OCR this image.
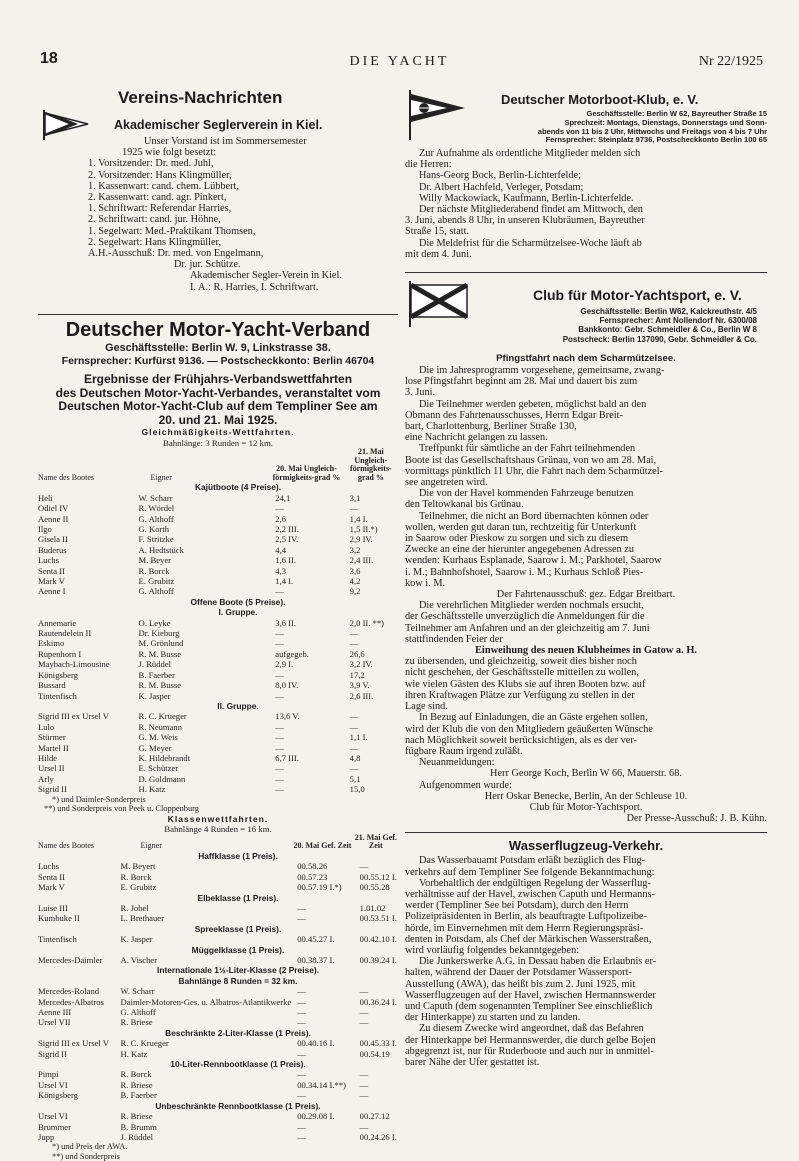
18	DIE YACHT	Nr 22/1925
Vereins-Nachrichten
Akademischer Seglerverein in Kiel.

Unser Vorstand ist im Sommersemester

1925 wie folgt besetzt:

1. Vorsitzender: Dr. med. Juhl,

2. Vorsitzender: Hans Klingmüller,

1. Kassenwart: cand. chem. Lübbert,

2. Kassenwart: cand. agr. Pinkert,

1. Schriftwart: Referendar Harries,

2. Schriftwart: cand. jur. Höhne,

1. Segelwart: Med.-Praktikant Thomsen,

2. Segelwart: Hans Klingmüller,

A.H.-Ausschuß: Dr. med. von Engelmann,

Dr. jur. Schütze.

Akademischer Segler-Verein in Kiel.

I. A.: R. Harries, I. Schriftwart.

Deutscher Motor-Yacht-Verband

Geschäftsstelle: Berlin W. 9, Linkstrasse 38.

Fernsprecher: Kurfürst 9136. — Postscheckkonto: Berlin 46704

Ergebnisse der Frühjahrs-Verbandswettfahrten

des Deutschen Motor-Yacht-Verbandes, veranstaltet vom

Deutschen Motor-Yacht-Club auf dem Templiner See am

20. und 21. Mai 1925.

Gleichmäßigkeits-Wettfahrten.

Bahnlänge: 3 Runden = 12 km.

Name des Bootes	Eigner	20. Mai Ungleich-förmigkeits-grad %	21. Mai Ungleich-förmigkeits-grad %
Kajütboote (4 Preise).			
Heli	W. Scharr	24,1	3,1
Odiel IV	R. Wördel	—	—
Aenne II	G. Althoff	2,6	1,4 I.
Ilgo	G. Korth	2,2 III.	1,5 II.*)
Gisela II	F. Stritzke	2,5 IV.	2,9 IV.
Buderus	A. Hedtstück	4,4	3,2
Luchs	M. Beyer	1,6 II.	2,4 III.
Senta II	R. Borck	4,3	3,6
Mark V	E. Grubitz	1,4 I.	4,2
Aenne I	G. Althoff	—	9,2
Offene Boote (5 Preise).			
I. Gruppe.			
Annemarie	O. Leyke	3,6 II.	2,0 II. **)
Rautendelein II	Dr. Kieburg	—	—
Eskimo	M. Grönlund	—	—
Rupenhorn I	R. M. Busse	aufgegeb.	26,6
Maybach-Limousine	J. Rüddel	2,9 I.	3,2 IV.
Königsberg	B. Faerber	—	17,2
Bussard	R. M. Busse	8,0 IV.	3,9 V.
Tintenfisch	K. Jasper	—	2,6 III.
II. Gruppe.			
Sigrid III ex Ursel V	R. C. Krueger	13,6 V.	—
Lulo	R. Neumann	—	—
Stürmer	G. M. Weis	—	1,1 I.
Martel II	G. Meyer	—	—
Hilde	K. Hildebrandt	6,7 III.	4,8
Ursel II	E. Schützer	—	—
Arly	D. Goldmann	—	5,1
Sigrid II	H. Katz	—	15,0

*) und Daimler-Sonderpreis

**) und Sonderpreis von Peek u. Cloppenburg

Klassenwettfahrten.

Bahnlänge 4 Runden = 16 km.

Name des Bootes	Eigner	20. Mai Gef. Zeit	21. Mai Gef. Zeit
Haffklasse (1 Preis).			
Luchs	M. Beyert	00.58.26	—
Senta II	R. Borck	00.57.23	00.55.12 I.
Mark V	E. Grubitz	00.57.19 I.*)	00.55.28
Elbeklasse (1 Preis).			
Luise III	R. Jobel	—	1.01.02
Kumbuke II	L. Brethauer	—	00.53.51 I.
Spreeklasse (1 Preis).			
Tintenfisch	K. Jasper	00.45.27 I.	00.42.10 I.
Müggelklasse (1 Preis).			
Mercedes-Daimler	A. Vischer	00.38.37 I.	00.39.24 I.
Internationale 1½-Liter-Klasse (2 Preise).			
Bahnlänge 8 Runden = 32 km.			
Mercedes-Roland	W. Scharr	—	—
Mercedes-Albatros	Daimler-Motoren-Ges. u. Albatros-Atlantikwerke	—	00.36.24 I.
Aenne III	G. Althoff	—	—
Ursel VII	R. Briese	—	—
Beschränkte 2-Liter-Klasse (1 Preis).			
Sigrid III ex Ursel V	R. C. Krueger	00.40.16 I.	00.45.33 I.
Sigrid II	H. Katz	—	00.54.19
10-Liter-Rennbootklasse (1 Preis).			
Pimpi	R. Borck	—	—
Ursel VI	R. Briese	00.34.14 I.**)	—
Königsberg	B. Faerber	—	—
Unbeschränkte Rennbootklasse (1 Preis).			
Ursel VI	R. Briese	00.29.08 I.	00.27.12
Brummer	B. Brumm	—	—
Jupp	J. Rüddel	—	00.24.26 I.

*) und Preis der AWA.

**) und Sonderpreis

Deutscher Motorboot-Klub, e. V.

Geschäftsstelle: Berlin W 62, Bayreuther Straße 15

Sprechzeit: Montags, Dienstags, Donnerstags und Sonn-

abends von 11 bis 2 Uhr, Mittwochs und Freitags von 4 bis 7 Uhr

Fernsprecher: Steinplatz 9736, Postscheckkonto Berlin 100 65

Zur Aufnahme als ordentliche Mitglieder melden sich

die Herren:

Hans-Georg Bock, Berlin-Lichterfelde;

Dr. Albert Hachfeld, Verleger, Potsdam;

Willy Mackowiack, Kaufmann, Berlin-Lichterfelde.

Der nächste Mitgliederabend findet am Mittwoch, den

3. Juni, abends 8 Uhr, in unseren Klubräumen, Bayreuther

Straße 15, statt.

Die Meldefrist für die Scharmützelsee-Woche läuft ab

mit dem 4. Juni.

Club für Motor-Yachtsport, e. V.

Geschäftsstelle: Berlin W62, Kalckreuthstr. 4/5

Fernsprecher: Amt Nollendorf Nr. 6300/08

Bankkonto: Gebr. Schmeidler & Co., Berlin W 8

Postscheck: Berlin 137090, Gebr. Schmeidler & Co.

Pfingstfahrt nach dem Scharmützelsee.

Die im Jahresprogramm vorgesehene, gemeinsame, zwang-

lose Pfingstfahrt beginnt am 28. Mai und dauert bis zum

3. Juni.

Die Teilnehmer werden gebeten, möglichst bald an den

Obmann des Fahrtenausschusses, Herrn Edgar Breit-

bart, Charlottenburg, Berliner Straße 130,

eine Nachricht gelangen zu lassen.

Treffpunkt für sämtliche an der Fahrt teilnehmenden

Boote ist das Gesellschaftshaus Grünau, von wo am 28. Mai,

vormittags pünktlich 11 Uhr, die Fahrt nach dem Scharmützel-

see angetreten wird.

Die von der Havel kommenden Fahrzeuge benutzen

den Teltowkanal bis Grünau.

Teilnehmer, die nicht an Bord übernachten können oder

wollen, werden gut daran tun, rechtzeitig für Unterkunft

in Saarow oder Pieskow zu sorgen und sich zu diesem

Zwecke an eine der hierunter angegebenen Adressen zu

wenden: Kurhaus Esplanade, Saarow i. M.; Parkhotel, Saarow

i. M.; Bahnhofshotel, Saarow i. M.; Kurhaus Schloß Pies-

kow i. M.

Der Fahrtenausschuß: gez. Edgar Breitbart.

Die verehrlichen Mitglieder werden nochmals ersucht,

der Geschäftsstelle unverzüglich die Anmeldungen für die

Teilnehmer am Anfahren und an der gleichzeitig am 7. Juni

stattfindenden Feier der

Einweihung des neuen Klubheimes in Gatow a. H.

zu übersenden, und gleichzeitig, soweit dies bisher noch

nicht geschehen, der Geschäftsstelle mitteilen zu wollen,

wie vielen Gästen des Klubs sie auf ihren Booten bzw. auf

ihren Kraftwagen Plätze zur Verfügung zu stellen in der

Lage sind.

In Bezug auf Einladungen, die an Gäste ergehen sollen,

wird der Klub die von den Mitgliedern geäußerten Wünsche

nach Möglichkeit soweit berücksichtigen, als es der ver-

fügbare Raum irgend zuläßt.

Neuanmeldungen:

Herr George Koch, Berlin W 66, Mauerstr. 68.

Aufgenommen wurde:

Herr Oskar Benecke, Berlin, An der Schleuse 10.

Club für Motor-Yachtsport.

Der Presse-Ausschuß: J. B. Kühn.

Wasserflugzeug-Verkehr.

Das Wasserbauamt Potsdam erläßt bezüglich des Flug-

verkehrs auf dem Templiner See folgende Bekanntmachung:

Vorbehaltlich der endgültigen Regelung der Wasserflug-

verhältnisse auf der Havel, zwischen Caputh und Hermanns-

werder (Templiner See bei Potsdam), durch den Herrn

Polizeipräsidenten in Berlin, als beauftragte Luftpolizeibe-

hörde, im Einvernehmen mit dem Herrn Regierungspräsi-

denten in Potsdam, als Chef der Märkischen Wasserstraßen,

wird vorläufig folgendes bekanntgegeben:

Die Junkerswerke A.G. in Dessau haben die Erlaubnis er-

halten, während der Dauer der Potsdamer Wassersport-

Ausstellung (AWA), das heißt bis zum 2. Juni 1925, mit

Wasserflugzeugen auf der Havel, zwischen Hermannswerder

und Caputh (dem sogenannten Templiner See einschließlich

der Hinterkappe) zu starten und zu landen.

Zu diesem Zwecke wird angeordnet, daß das Befahren

der Hinterkappe bei Hermannswerder, die durch gelbe Bojen

abgegrenzt ist, nur für Ruderboote und auch nur in unmittel-

barer Nähe der Ufer gestattet ist.
